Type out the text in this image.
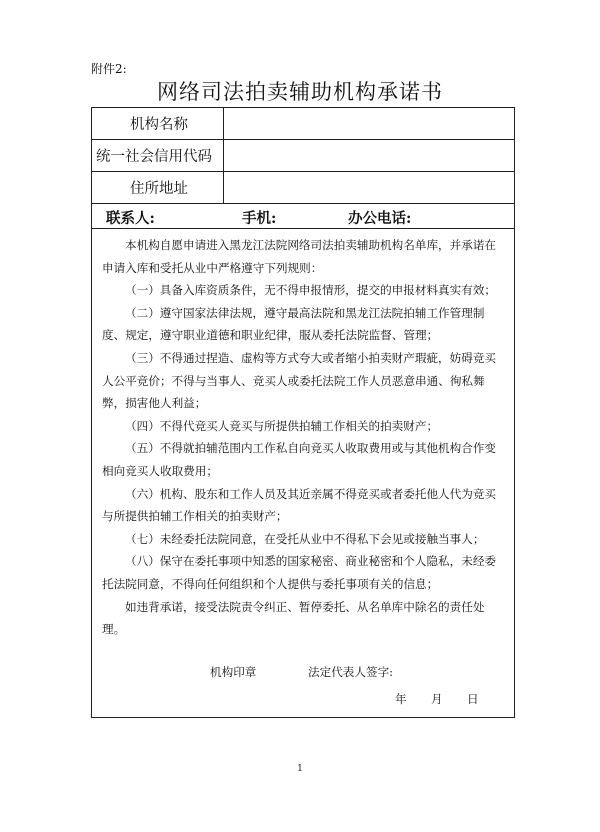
附件2:
网络司法拍卖辅助机构承诺书
机构名称
统一社会信用代码
住所地址
联系人:	手机:	办公电话:

本机构自愿申请进入黑龙江法院网络司法拍卖辅助机构名单库，并承诺在申请入库和受托从业中严格遵守下列规则：

（一）具备入库资质条件，无不得申报情形，提交的申报材料真实有效；

（二）遵守国家法律法规，遵守最高法院和黑龙江法院拍辅工作管理制度、规定，遵守职业道德和职业纪律，服从委托法院监督、管理；

（三）不得通过捏造、虚构等方式夸大或者缩小拍卖财产瑕疵，妨碍竞买人公平竞价；不得与当事人、竞买人或委托法院工作人员恶意串通、徇私舞弊，损害他人利益；

（四）不得代竞买人竞买与所提供拍辅工作相关的拍卖财产；

（五）不得就拍辅范围内工作私自向竞买人收取费用或与其他机构合作变相向竞买人收取费用；

（六）机构、股东和工作人员及其近亲属不得竞买或者委托他人代为竞买与所提供拍辅工作相关的拍卖财产；

（七）未经委托法院同意，在受托从业中不得私下会见或接触当事人；

（八）保守在委托事项中知悉的国家秘密、商业秘密和个人隐私，未经委托法院同意，不得向任何组织和个人提供与委托事项有关的信息；

如违背承诺，接受法院责令纠正、暂停委托、从名单库中除名的责任处理。

机构印章	法定代表人签字:
年 月 日
1
